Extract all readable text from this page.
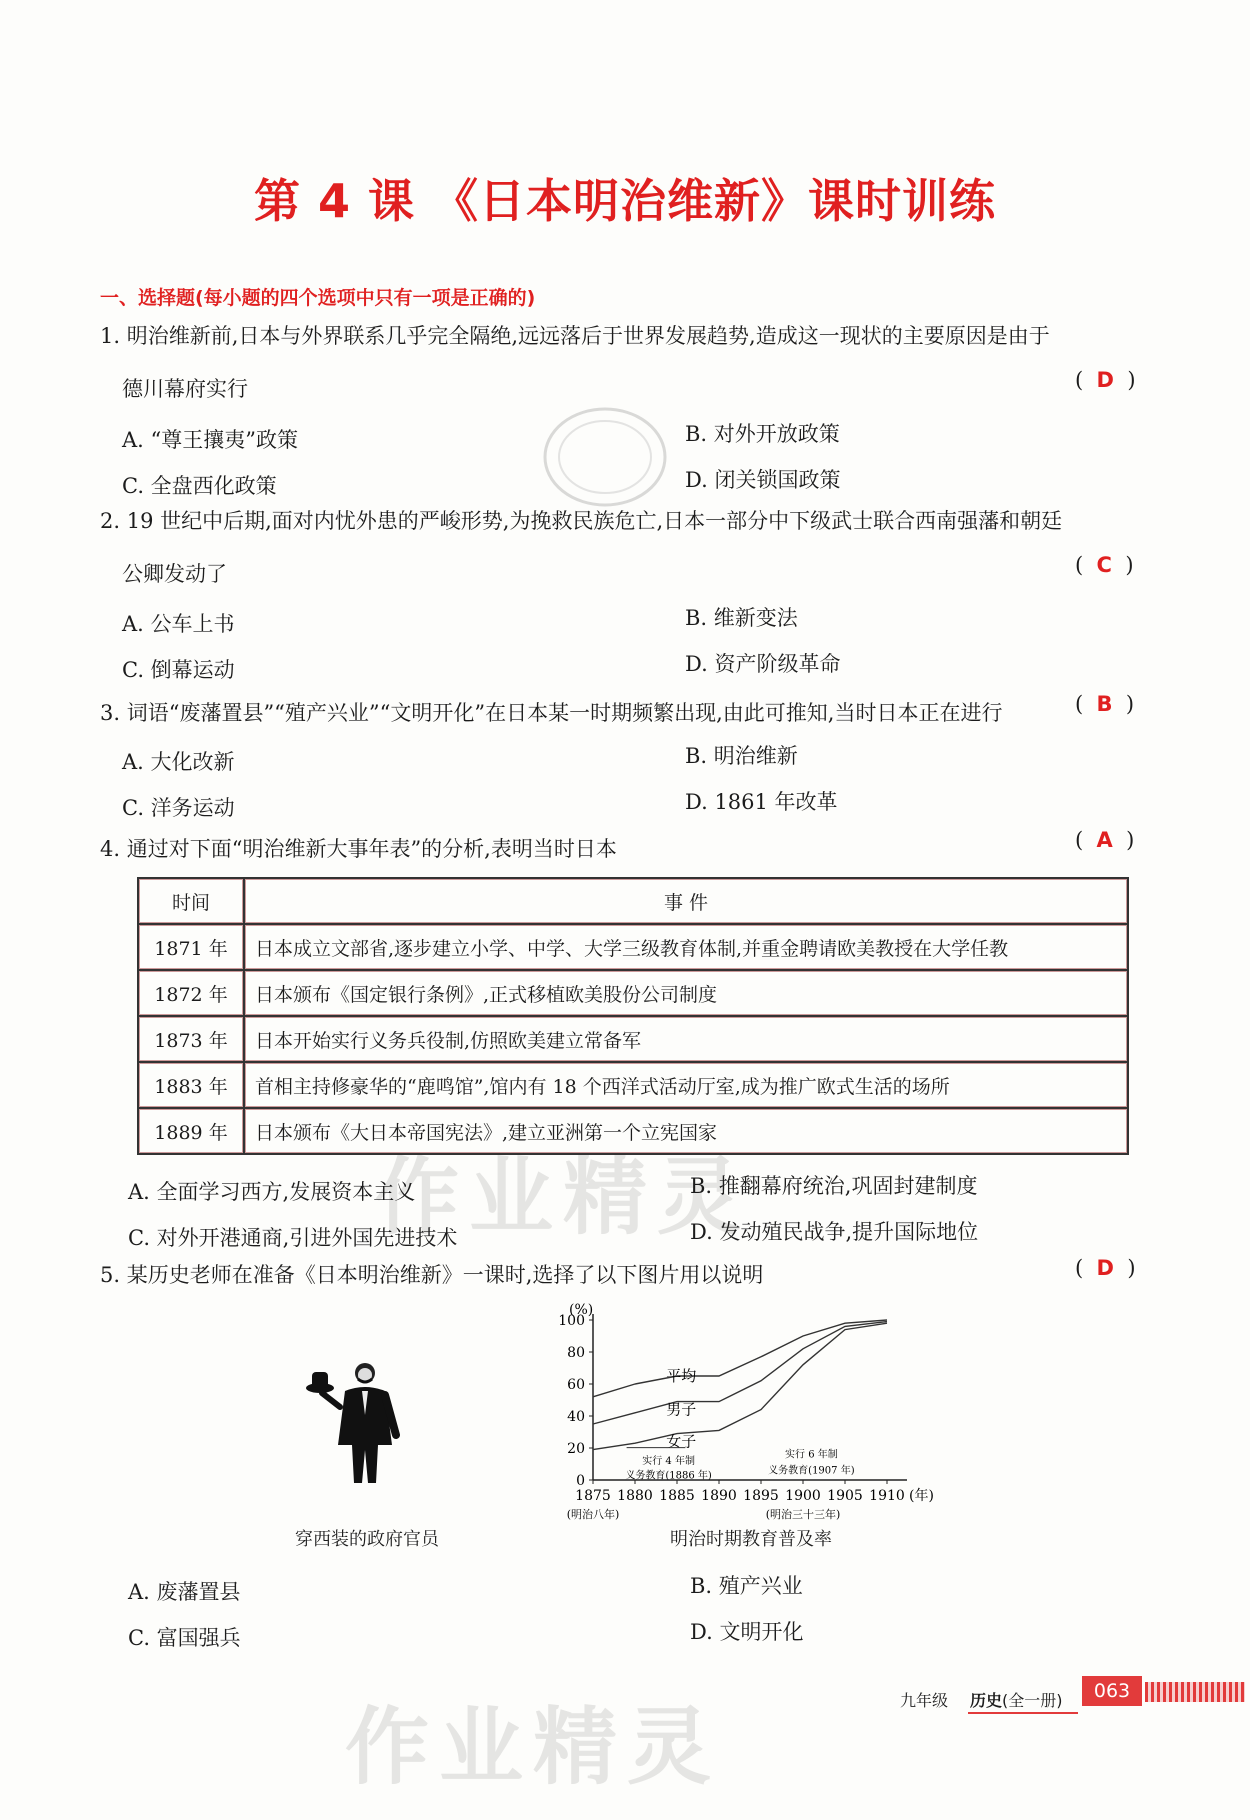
作业精灵
作业精灵
第 4 课 《日本明治维新》课时训练
一、选择题(每小题的四个选项中只有一项是正确的)
1. 明治维新前,日本与外界联系几乎完全隔绝,远远落后于世界发展趋势,造成这一现状的主要原因是由于
德川幕府实行	(  D  )
A. “尊王攘夷”政策	B. 对外开放政策
C. 全盘西化政策	D. 闭关锁国政策
2. 19 世纪中后期,面对内忧外患的严峻形势,为挽救民族危亡,日本一部分中下级武士联合西南强藩和朝廷
公卿发动了	(  C  )
A. 公车上书	B. 维新变法
C. 倒幕运动	D. 资产阶级革命
3. 词语“废藩置县”“殖产兴业”“文明开化”在日本某一时期频繁出现,由此可推知,当时日本正在进行	(  B  )
A. 大化改新	B. 明治维新
C. 洋务运动	D. 1861 年改革
4. 通过对下面“明治维新大事年表”的分析,表明当时日本	(  A  )
时间	事 件
1871 年	日本成立文部省,逐步建立小学、中学、大学三级教育体制,并重金聘请欧美教授在大学任教
1872 年	日本颁布《国定银行条例》,正式移植欧美股份公司制度
1873 年	日本开始实行义务兵役制,仿照欧美建立常备军
1883 年	首相主持修豪华的“鹿鸣馆”,馆内有 18 个西洋式活动厅室,成为推广欧式生活的场所
1889 年	日本颁布《大日本帝国宪法》,建立亚洲第一个立宪国家
A. 全面学习西方,发展资本主义	B. 推翻幕府统治,巩固封建制度
C. 对外开港通商,引进外国先进技术	D. 发动殖民战争,提升国际地位
5. 某历史老师在准备《日本明治维新》一课时,选择了以下图片用以说明	(  D  )
穿西装的政府官员
100
80
60
40
20
0
(%)
1875 1880 1885 1890 1895 1900 1905 1910 (年)
(明治八年)	(明治三十三年)
平均
男子
女子
实行 4 年制
义务教育(1886 年)
实行 6 年制
义务教育(1907 年)
明治时期教育普及率
A. 废藩置县	B. 殖产兴业
C. 富国强兵	D. 文明开化
九年级 历史(全一册)	063
